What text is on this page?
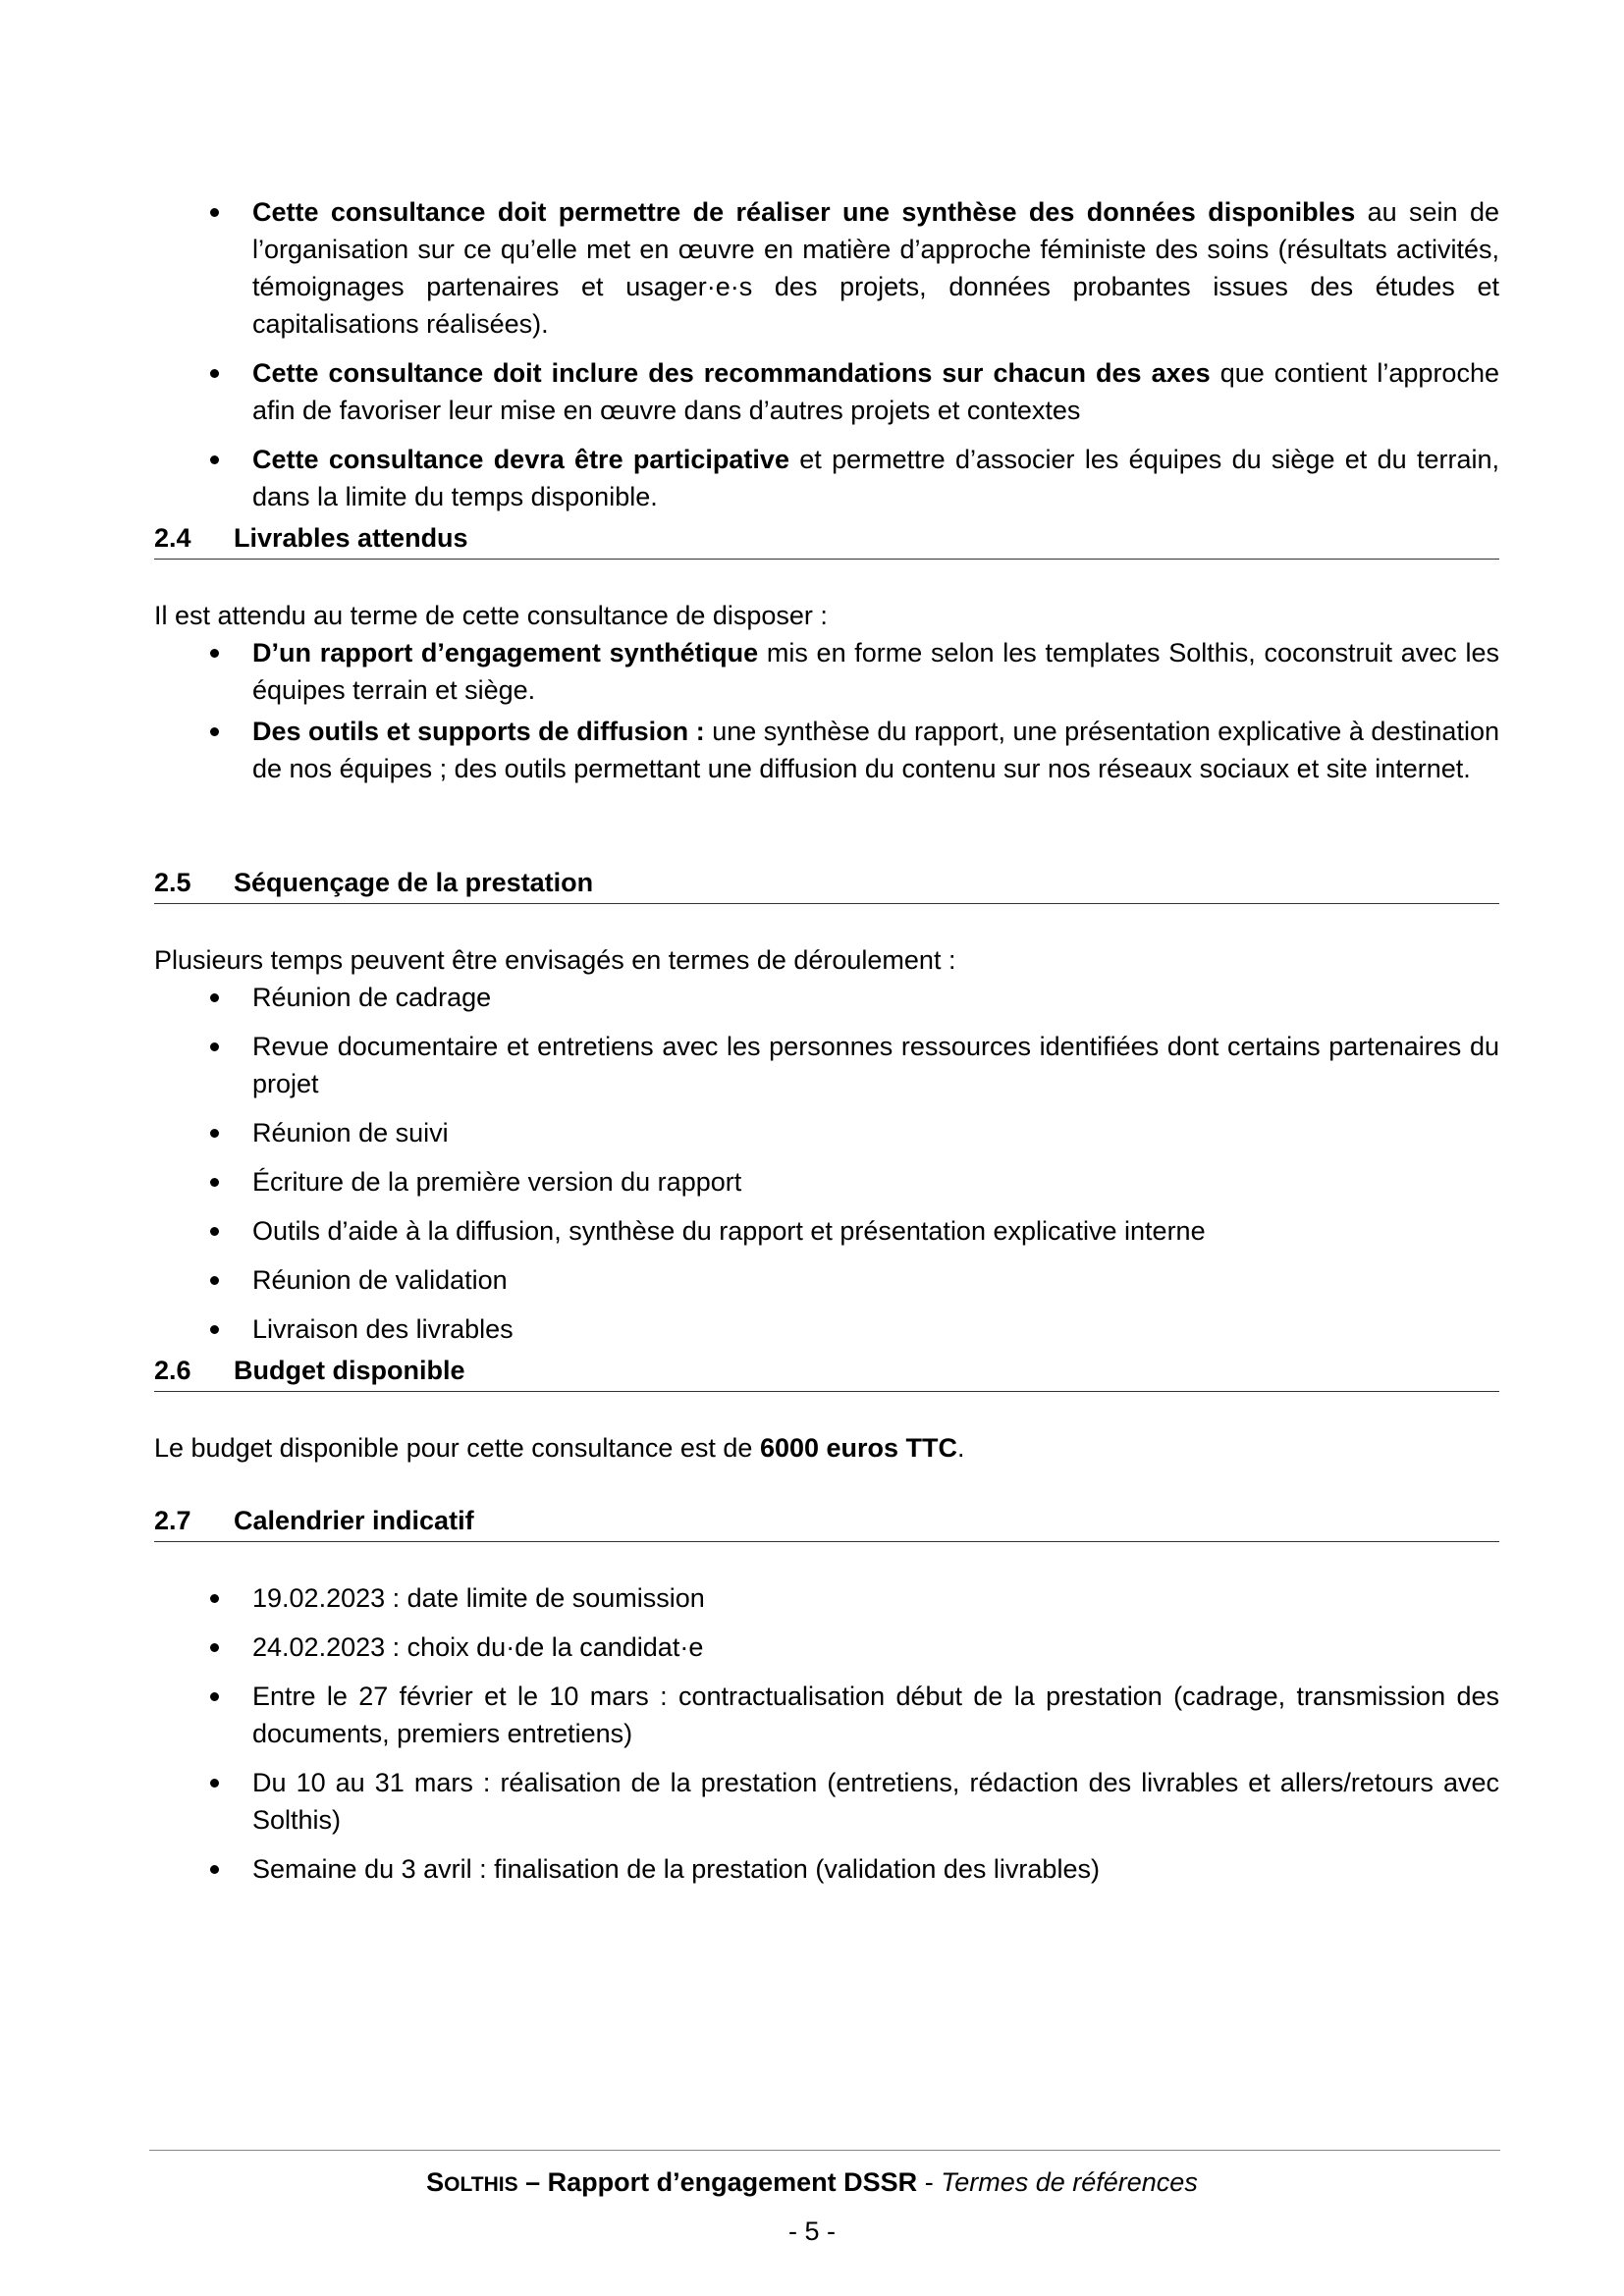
Cette consultance doit permettre de réaliser une synthèse des données disponibles au sein de l’organisation sur ce qu’elle met en œuvre en matière d’approche féministe des soins (résultats activités, témoignages partenaires et usager·e·s des projets, données probantes issues des études et capitalisations réalisées).
Cette consultance doit inclure des recommandations sur chacun des axes que contient l’approche afin de favoriser leur mise en œuvre dans d’autres projets et contextes
Cette consultance devra être participative et permettre d’associer les équipes du siège et du terrain, dans la limite du temps disponible.
2.4	Livrables attendus

Il est attendu au terme de cette consultance de disposer :

D’un rapport d’engagement synthétique mis en forme selon les templates Solthis, coconstruit avec les équipes terrain et siège.
Des outils et supports de diffusion : une synthèse du rapport, une présentation explicative à destination de nos équipes ; des outils permettant une diffusion du contenu sur nos réseaux sociaux et site internet.
2.5	Séquençage de la prestation

Plusieurs temps peuvent être envisagés en termes de déroulement :

Réunion de cadrage
Revue documentaire et entretiens avec les personnes ressources identifiées dont certains partenaires du projet
Réunion de suivi
Écriture de la première version du rapport
Outils d’aide à la diffusion, synthèse du rapport et présentation explicative interne
Réunion de validation
Livraison des livrables
2.6	Budget disponible

Le budget disponible pour cette consultance est de 6000 euros TTC.

2.7	Calendrier indicatif
19.02.2023 : date limite de soumission
24.02.2023 : choix du·de la candidat·e
Entre le 27 février et le 10 mars : contractualisation début de la prestation (cadrage, transmission des documents, premiers entretiens)
Du 10 au 31 mars : réalisation de la prestation (entretiens, rédaction des livrables et allers/retours avec Solthis)
Semaine du 3 avril : finalisation de la prestation (validation des livrables)
SOLTHIS – Rapport d’engagement DSSR - Termes de références
- 5 -
